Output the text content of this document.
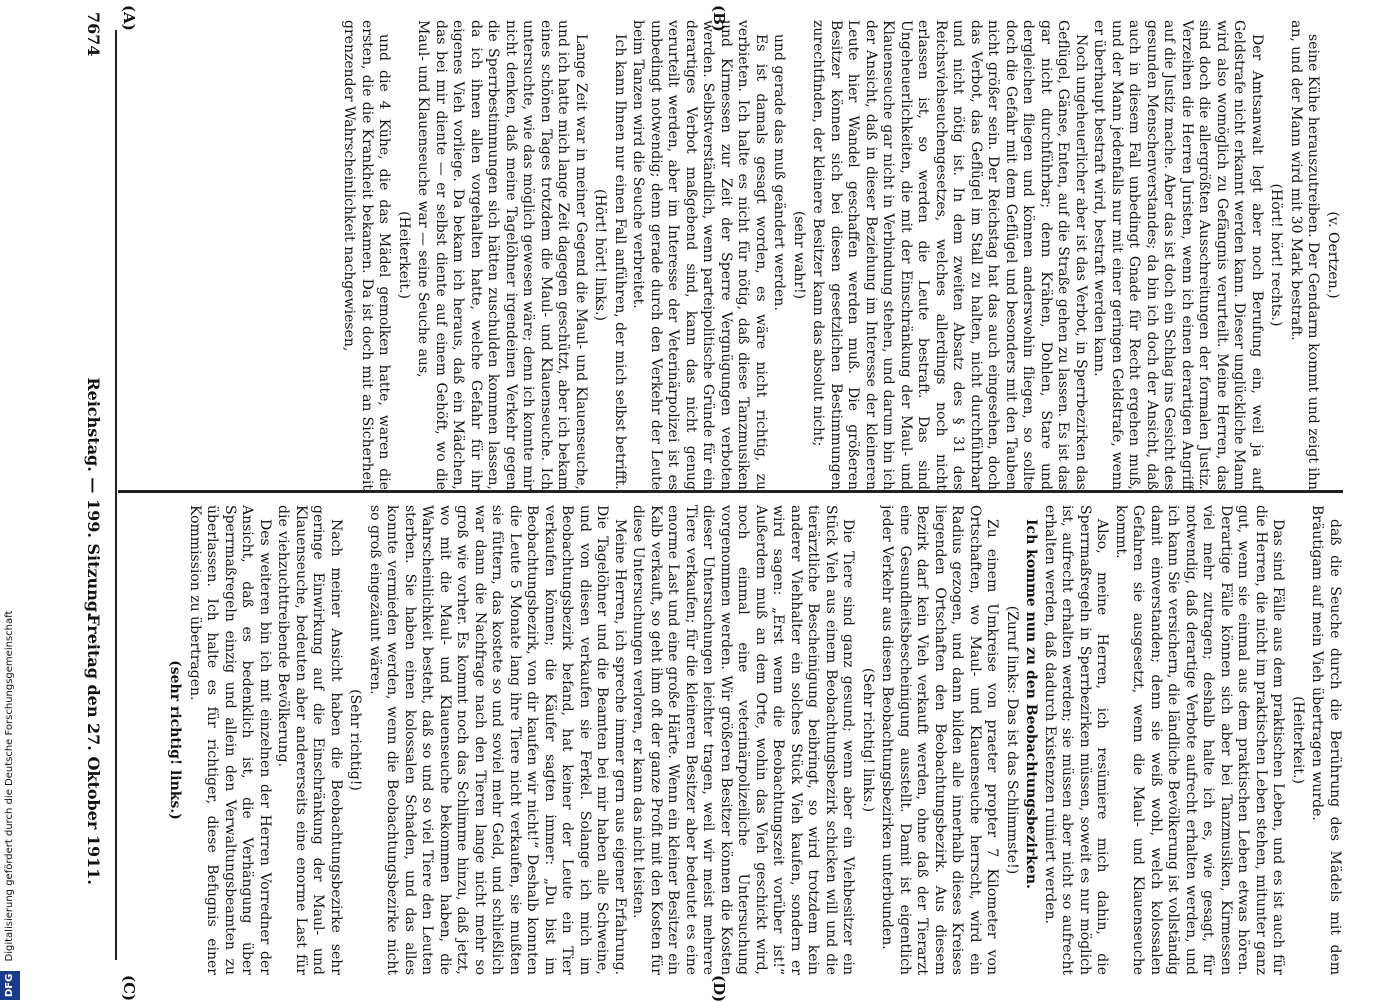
7674
Reichstag. — 199. Sitzung.
Freitag den 27. Oktober 1911.

(v. Oertzen.)

seine Kühe herauszutreiben. Der Gendarm kommt und zeigt ihn an, und der Mann wird mit 30 Mark bestraft.

(Hört! hört! rechts.)

Der Amtsanwalt legt aber noch Berufung ein, weil ja auf Geldstrafe nicht erkannt werden kann. Dieser unglückliche Mann wird also womöglich zu Gefängnis verurteilt. Meine Herren, das sind doch die allergrößten Ausschreitungen der formalen Justiz. Verzeihen die Herren Juristen, wenn ich einen derartigen Angriff auf die Justiz mache. Aber das ist doch ein Schlag ins Gesicht des gesunden Menschenverstandes; da bin ich doch der Ansicht, daß auch in diesem Fall unbedingt Gnade für Recht ergehen muß, und der Mann jedenfalls nur mit einer geringen Geldstrafe, wenn er überhaupt bestraft wird, bestraft werden kann.

Noch ungeheuerlicher aber ist das Verbot, in Sperrbezirken das Geflügel, Gänse, Enten, auf die Straße gehen zu lassen. Es ist das gar nicht durchführbar; denn Krähen, Dohlen, Stare und dergleichen fliegen und können anderswohin fliegen, so sollte doch die Gefahr mit dem Geflügel und besonders mit den Tauben nicht größer sein. Der Reichstag hat das auch eingesehen, doch das Verbot, das Geflügel im Stall zu halten, nicht durchführbar und nicht nötig ist. In dem zweiten Absatz des § 31 des Reichsviehseuchengesetzes, welches allerdings noch nicht erlassen ist, so werden die Leute bestraft. Das sind Ungeheuerlichkeiten, die mit der Einschränkung der Maul- und Klauenseuche gar nicht in Verbindung stehen, und darum bin ich der Ansicht, daß in dieser Beziehung im Interesse der kleineren Leute hier Wandel geschaffen werden muß. Die größeren Besitzer können sich bei diesen gesetzlichen Bestimmungen zurechtfinden, der kleinere Besitzer kann das absolut nicht;

(sehr wahr!)

und gerade das muß geändert werden.

Es ist damals gesagt worden, es wäre nicht richtig, zu verbieten. Ich halte es nicht für nötig, daß diese Tanzmusiken und Kirmessen zur Zeit der Sperre Vergnügungen verboten werden. Selbstverständlich, wenn parteipolitische Gründe für ein derartiges Verbot maßgebend sind, kann das nicht genug verurteilt werden, aber im Interesse der Veterinärpolizei ist es unbedingt notwendig; denn gerade durch den Verkehr der Leute beim Tanzen wird die Seuche verbreitet.

Ich kann Ihnen nur einen Fall anführen, der mich selbst betrifft.

(Hört! hört! links.)

Lange Zeit war in meiner Gegend die Maul- und Klauenseuche, und ich hatte mich lange Zeit dagegen geschützt, aber ich bekam eines schönen Tages trotzdem die Maul- und Klauenseuche. Ich untersuchte, wie das möglich gewesen wäre; denn ich konnte mir nicht denken, daß meine Tagelöhner irgendeinen Verkehr gegen die Sperrbestimmungen sich hätten zuschulden kommen lassen, da ich ihnen allen vorgehalten hatte, welche Gefahr für ihr eigenes Vieh vorliege. Da bekam ich heraus, daß ein Mädchen, das bei mir diente — er selbst diente auf einem Gehöft, wo die Maul- und Klauenseuche war — seine Seuche aus,

(Heiterkeit.)

und die 4 Kühe, die das Mädel gemolken hatte, waren die ersten, die die Krankheit bekamen. Da ist doch mit an Sicherheit grenzender Wahrscheinlichkeit nachgewiesen,

daß die Seuche durch die Berührung des Mädels mit dem Bräutigam auf mein Vieh übertragen wurde.

(Heiterkeit.)

Das sind Fälle aus dem praktischen Leben, und es ist auch für die Herren, die nicht im praktischen Leben stehen, mitunter ganz gut, wenn sie einmal aus dem praktischen Leben etwas hören. Derartige Fälle können sich aber bei Tanzmusiken, Kirmessen viel mehr zutragen; deshalb halte ich es, wie gesagt, für notwendig, daß derartige Verbote aufrecht erhalten werden, und ich kann Sie versichern, die ländliche Bevölkerung ist vollständig damit einverstanden; denn sie weiß wohl, welch kolossalen Gefahren sie ausgesetzt, wenn die Maul- und Klauenseuche kommt.

Also, meine Herren, ich resümiere mich dahin, die Sperrmaßregeln in Sperrbezirken müssen, soweit es nur möglich ist, aufrecht erhalten werden; sie müssen aber nicht so aufrecht erhalten werden, daß dadurch Existenzen ruiniert werden.

Ich komme nun zu den Beobachtungsbezirken.

(Zuruf links: Das ist das Schlimmste!)

Zu einem Umkreise von praeter propter 7 Kilometer von Ortschaften, wo Maul- und Klauenseuche herrscht, wird ein Radius gezogen, und dann bilden alle innerhalb dieses Kreises liegenden Ortschaften den Beobachtungsbezirk. Aus diesem Bezirk darf kein Vieh verkauft werden, ohne daß der Tierarzt eine Gesundheitsbescheinigung ausstellt. Damit ist eigentlich jeder Verkehr aus diesen Beobachtungsbezirken unterbunden.

(Sehr richtig! links.)

Die Tiere sind ganz gesund; wenn aber ein Viehbesitzer ein Stück Vieh aus einem Beobachtungsbezirk schicken will und die tierärztliche Bescheinigung beibringt, so wird trotzdem kein anderer Viehhalter ein solches Stück Vieh kaufen, sondern er wird sagen: „Erst wenn die Beobachtungszeit vorüber ist!“ Außerdem muß an dem Orte, wohin das Vieh geschickt wird, noch einmal eine veterinärpolizeiliche Untersuchung vorgenommen werden. Wir größeren Besitzer können die Kosten dieser Untersuchungen leichter tragen, weil wir meist mehrere Tiere verkaufen; für die kleineren Besitzer aber bedeutet es eine enorme Last und eine große Härte. Wenn ein kleiner Besitzer ein Kalb verkauft, so geht ihm oft der ganze Profit mit den Kosten für diese Untersuchungen verloren, er kann das nicht leisten.

Meine Herren, ich spreche immer gern aus eigener Erfahrung. Die Tagelöhner und die Beamten bei mir haben alle Schweine, und von diesen verkaufen sie Ferkel. Solange ich mich im Beobachtungsbezirk befand, hat keiner der Leute ein Tier verkaufen können; die Käufer sagten immer: „Du bist im Beobachtungsbezirk, von dir kaufen wir nicht!“ Deshalb konnten die Leute 5 Monate lang ihre Tiere nicht verkaufen, sie mußten sie füttern, das kostete so und soviel mehr Geld, und schließlich war dann die Nachfrage nach den Tieren lange nicht mehr so groß wie vorher. Es kommt noch das Schlimme hinzu, daß jetzt, wo mit die Maul- und Klauenseuche bekommen haben, die Wahrscheinlichkeit besteht, daß so und so viel Tiere den Leuten sterben. Sie haben einen kolossalen Schaden, und das alles konnte vermieden werden, wenn die Beobachtungsbezirke nicht so groß eingezäunt wären.

(Sehr richtig!)

Nach meiner Ansicht haben die Beobachtungsbezirke sehr geringe Einwirkung auf die Einschränkung der Maul- und Klauenseuche, bedeuten aber andererseits eine enorme Last für die viehzuchttreibende Bevölkerung.

Des weiteren bin ich mit einzelnen der Herren Vorredner der Ansicht, daß es bedenklich ist, die Verhängung über Sperrmaßregeln einzig und allein den Verwaltungsbeamten zu überlassen. Ich halte es für richtiger, diese Befugnis einer Kommission zu übertragen.

(sehr richtig! links.)

(A)	(B)
(C)	(D)
DFG Digitalisierung gefördert durch die Deutsche Forschungsgemeinschaft
